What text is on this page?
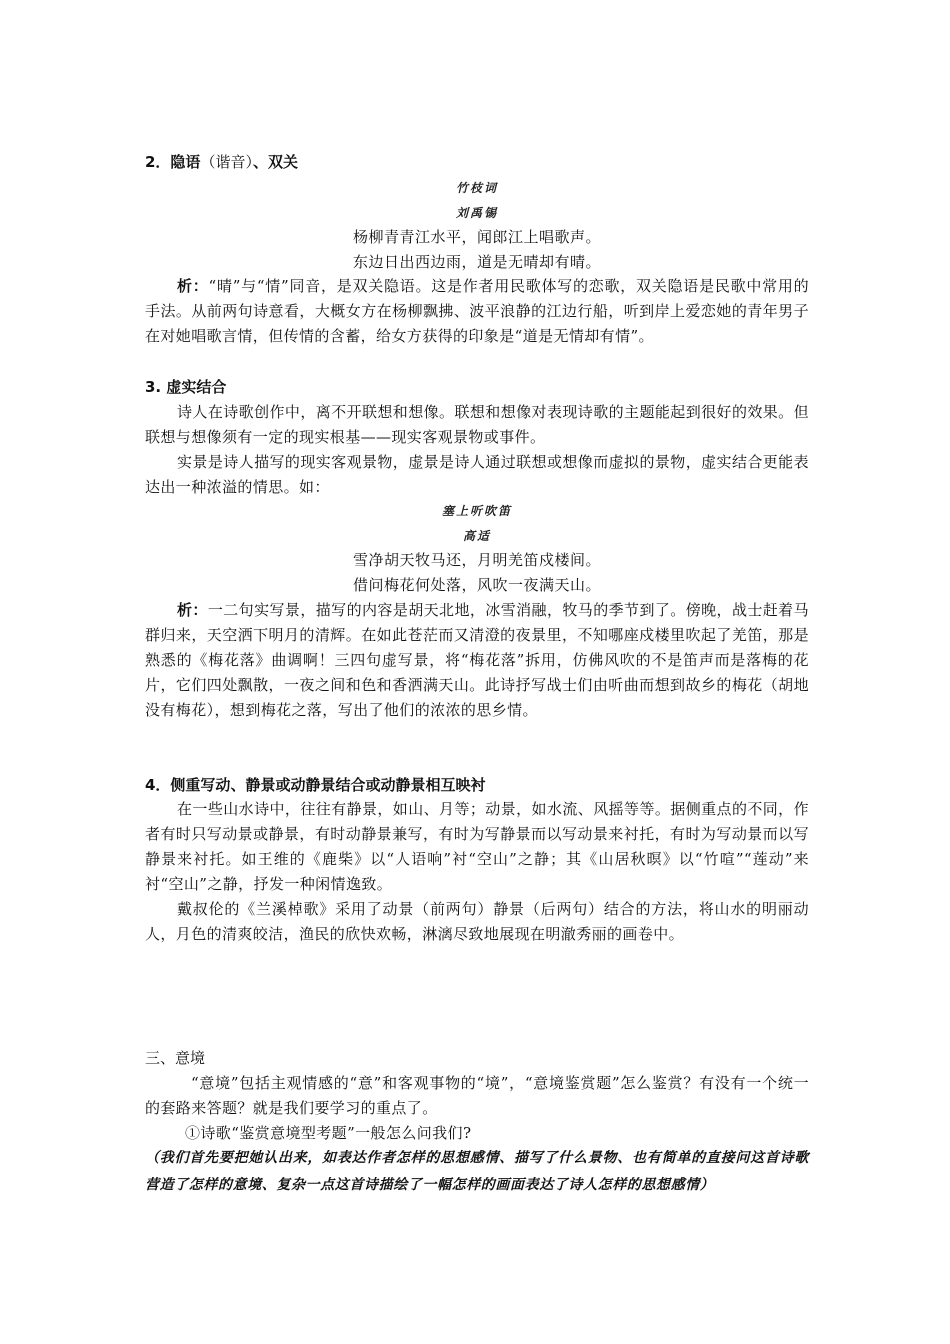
2．隐语（谐音）、双关
竹枝词
刘禹锡
杨柳青青江水平，闻郎江上唱歌声。
东边日出西边雨，道是无晴却有晴。
析：“晴”与“情”同音，是双关隐语。这是作者用民歌体写的恋歌，双关隐语是民歌中常用的手法。从前两句诗意看，大概女方在杨柳飘拂、波平浪静的江边行船，听到岸上爱恋她的青年男子在对她唱歌言情，但传情的含蓄，给女方获得的印象是“道是无情却有情”。
3. 虚实结合
诗人在诗歌创作中，离不开联想和想像。联想和想像对表现诗歌的主题能起到很好的效果。但联想与想像须有一定的现实根基——现实客观景物或事件。
实景是诗人描写的现实客观景物，虚景是诗人通过联想或想像而虚拟的景物，虚实结合更能表达出一种浓溢的情思。如：
塞上听吹笛
高适
雪净胡天牧马还，月明羌笛戍楼间。
借问梅花何处落，风吹一夜满天山。
析：一二句实写景，描写的内容是胡天北地，冰雪消融，牧马的季节到了。傍晚，战士赶着马群归来，天空洒下明月的清辉。在如此苍茫而又清澄的夜景里，不知哪座戍楼里吹起了羌笛，那是熟悉的《梅花落》曲调啊！三四句虚写景，将“梅花落”拆用，仿佛风吹的不是笛声而是落梅的花片，它们四处飘散，一夜之间和色和香洒满天山。此诗抒写战士们由听曲而想到故乡的梅花（胡地没有梅花），想到梅花之落，写出了他们的浓浓的思乡情。
4．侧重写动、静景或动静景结合或动静景相互映衬
在一些山水诗中，往往有静景，如山、月等；动景，如水流、风摇等等。据侧重点的不同，作者有时只写动景或静景，有时动静景兼写，有时为写静景而以写动景来衬托，有时为写动景而以写静景来衬托。如王维的《鹿柴》以“人语响”衬“空山”之静；其《山居秋暝》以“竹喧”“莲动”来衬“空山”之静，抒发一种闲情逸致。
戴叔伦的《兰溪棹歌》采用了动景（前两句）静景（后两句）结合的方法，将山水的明丽动人，月色的清爽皎洁，渔民的欣快欢畅，淋漓尽致地展现在明澈秀丽的画卷中。
三、意境
“意境”包括主观情感的“意”和客观事物的“境”，“意境鉴赏题”怎么鉴赏？有没有一个统一的套路来答题？就是我们要学习的重点了。
①诗歌“鉴赏意境型考题”一般怎么问我们?
（我们首先要把她认出来，如表达作者怎样的思想感情、描写了什么景物、也有简单的直接问这首诗歌营造了怎样的意境、复杂一点这首诗描绘了一幅怎样的画面表达了诗人怎样的思想感情）
